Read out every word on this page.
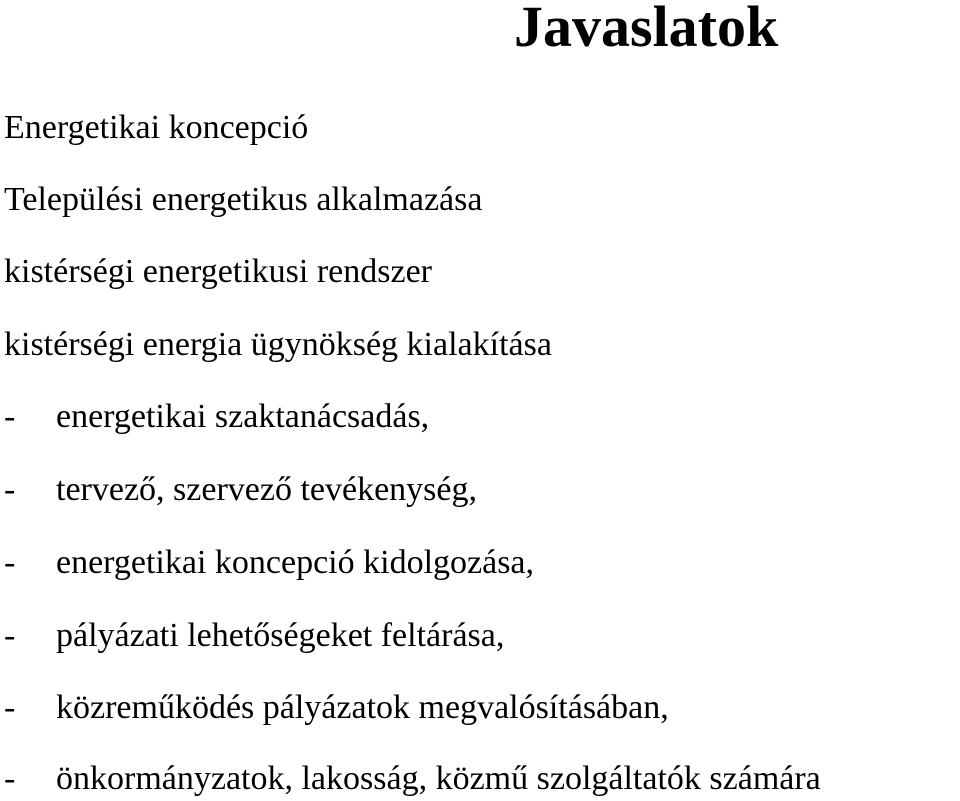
Javaslatok
Energetikai koncepció
Települési energetikus alkalmazása
kistérségi energetikusi rendszer
kistérségi energia ügynökség kialakítása
- energetikai szaktanácsadás,
- tervező, szervező tevékenység,
- energetikai koncepció kidolgozása,
- pályázati lehetőségeket feltárása,
- közreműködés pályázatok megvalósításában,
- önkormányzatok, lakosság, közmű szolgáltatók számára
